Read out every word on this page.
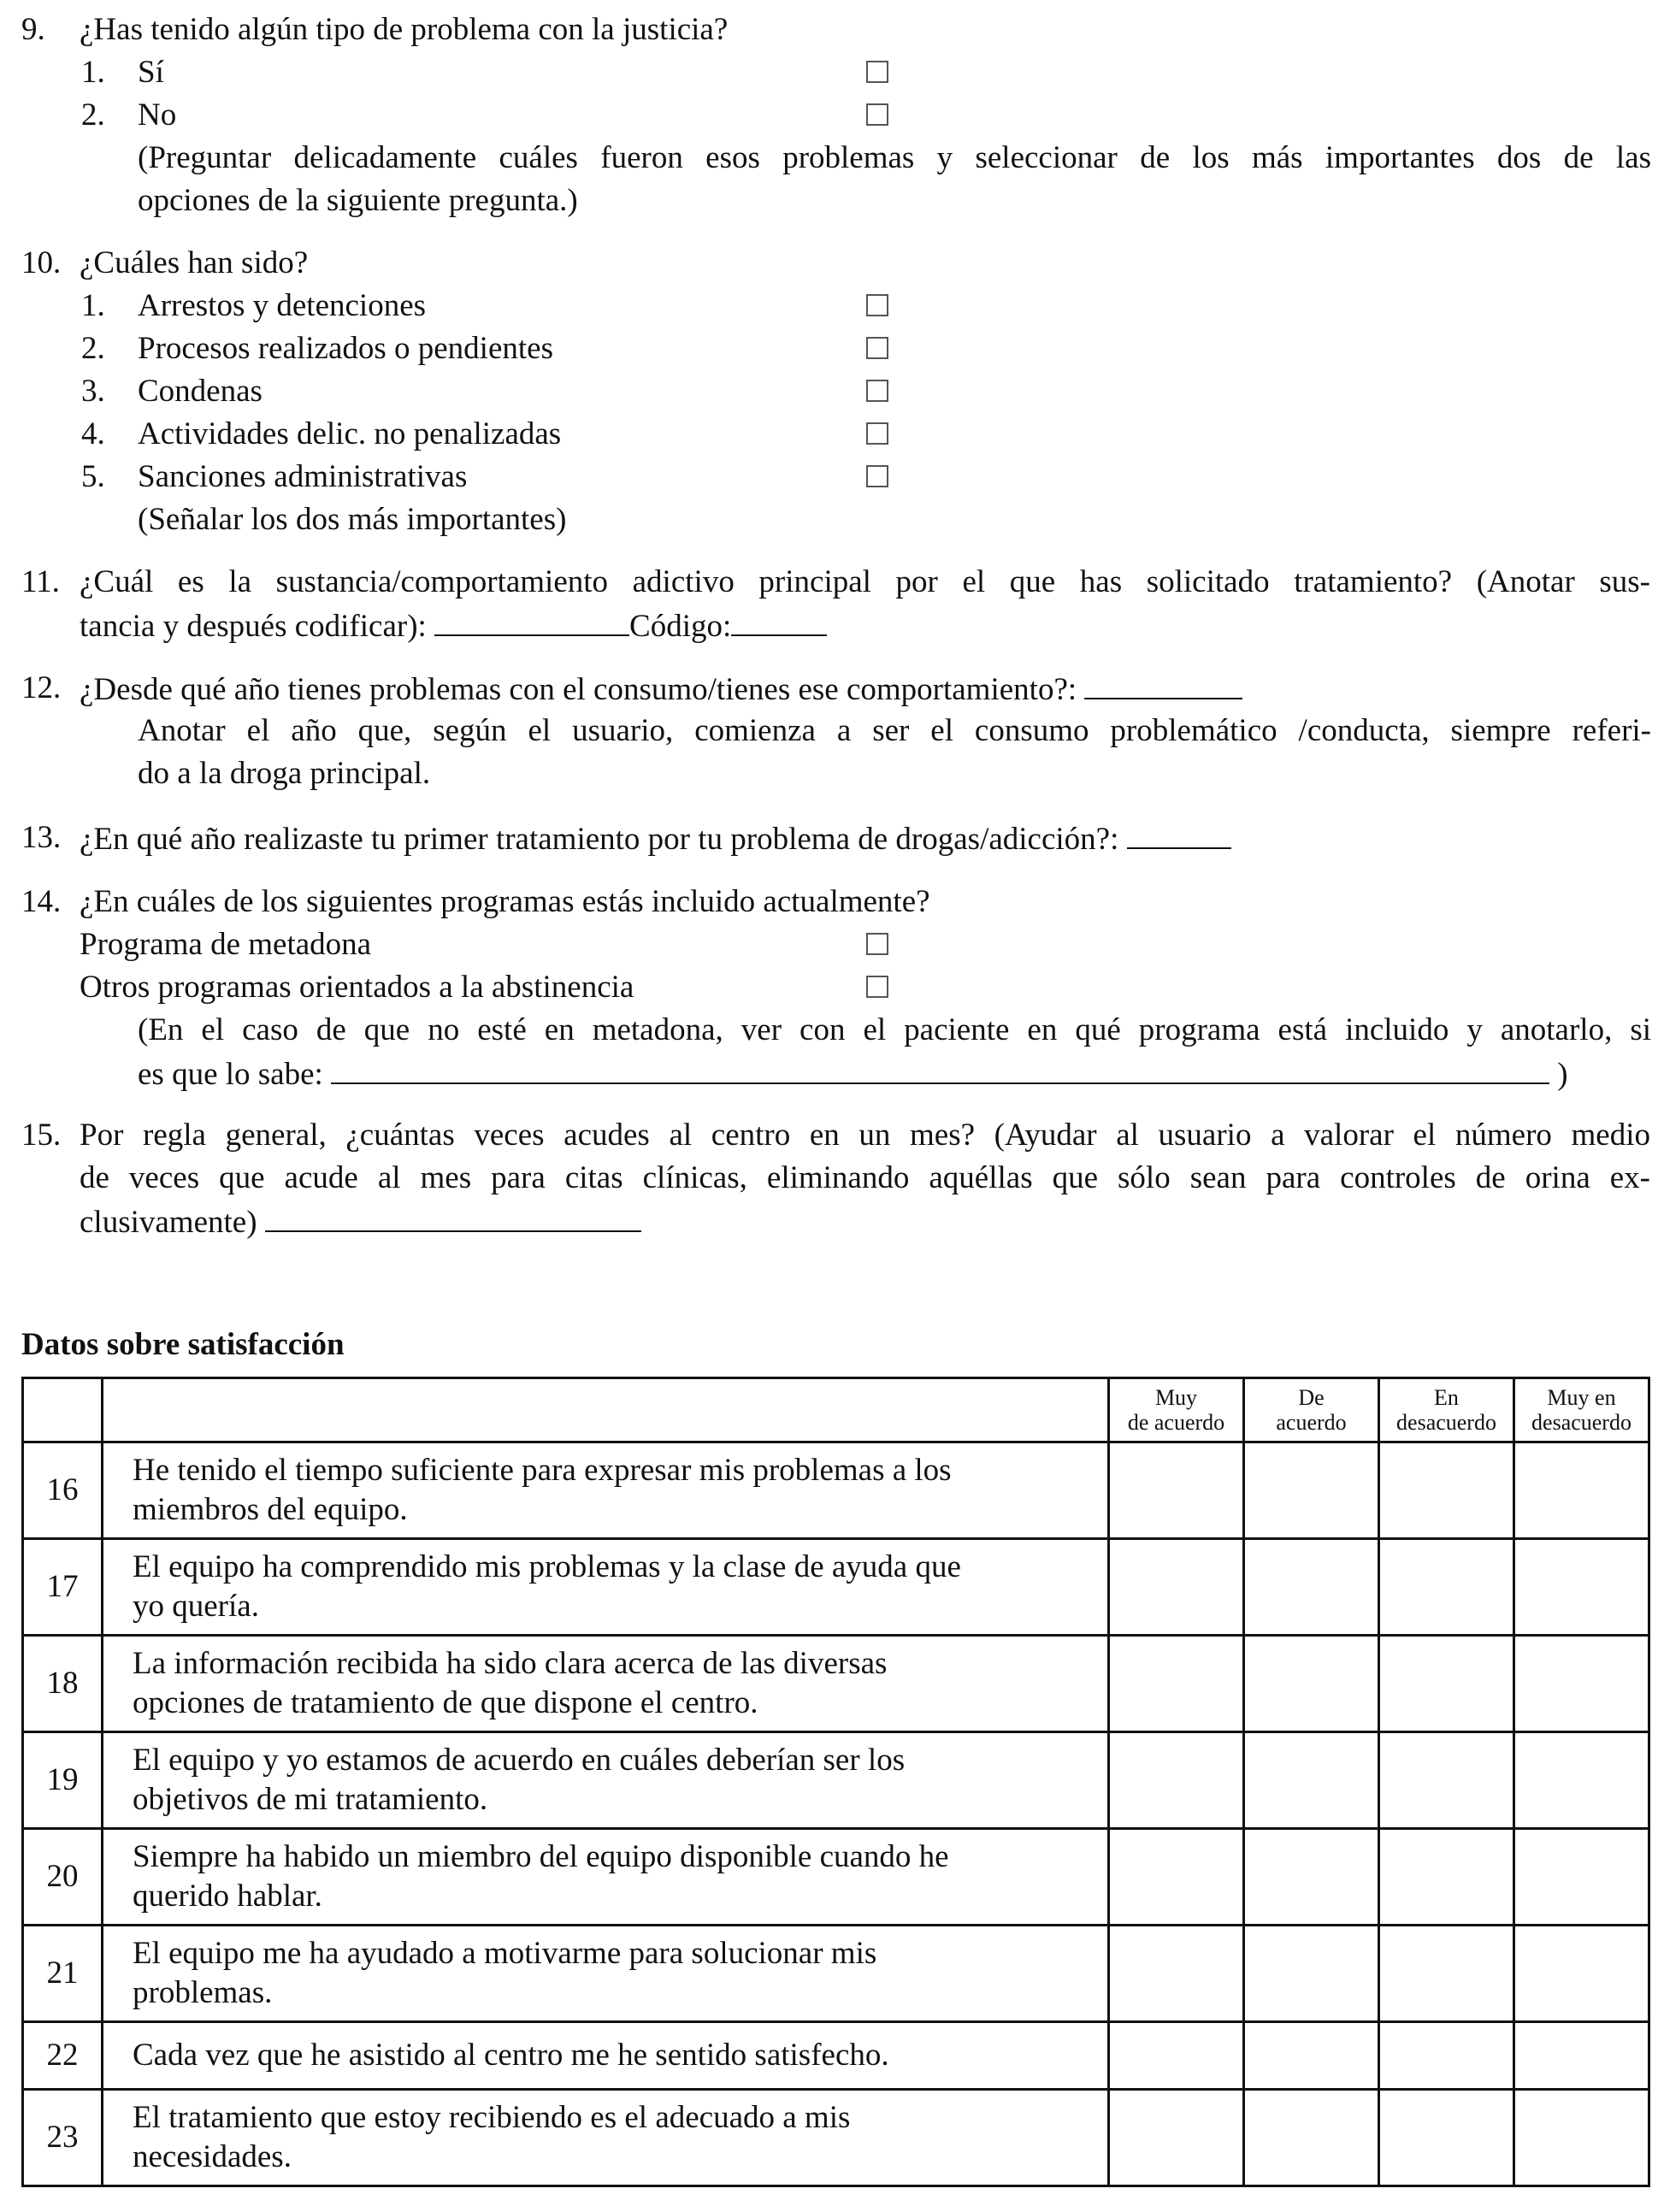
9. ¿Has tenido algún tipo de problema con la justicia?
1. Sí
2. No
(Preguntar delicadamente cuáles fueron esos problemas y seleccionar de los más importantes dos de las
opciones de la siguiente pregunta.)
10. ¿Cuáles han sido?
1. Arrestos y detenciones
2. Procesos realizados o pendientes
3. Condenas
4. Actividades delic. no penalizadas
5. Sanciones administrativas
(Señalar los dos más importantes)
11. ¿Cuál es la sustancia/comportamiento adictivo principal por el que has solicitado tratamiento? (Anotar sus-
tancia y después codificar):	Código:
12. ¿Desde qué año tienes problemas con el consumo/tienes ese comportamiento?:
Anotar el año que, según el usuario, comienza a ser el consumo problemático /conducta, siempre referi-
do a la droga principal.
13. ¿En qué año realizaste tu primer tratamiento por tu problema de drogas/adicción?:
14. ¿En cuáles de los siguientes programas estás incluido actualmente?
Programa de metadona
Otros programas orientados a la abstinencia
(En el caso de que no esté en metadona, ver con el paciente en qué programa está incluido y anotarlo, si
es que lo sabe:	)
15. Por regla general, ¿cuántas veces acudes al centro en un mes? (Ayudar al usuario a valorar el número medio
de veces que acude al mes para citas clínicas, eliminando aquéllas que sólo sean para controles de orina ex-
clusivamente)
Datos sobre satisfacción
		Muy
de acuerdo	De
acuerdo	En
desacuerdo	Muy en
desacuerdo
16	He tenido el tiempo suficiente para expresar mis problemas a los
miembros del equipo.				
17	El equipo ha comprendido mis problemas y la clase de ayuda que
yo quería.				
18	La información recibida ha sido clara acerca de las diversas
opciones de tratamiento de que dispone el centro.				
19	El equipo y yo estamos de acuerdo en cuáles deberían ser los
objetivos de mi tratamiento.				
20	Siempre ha habido un miembro del equipo disponible cuando he
querido hablar.				
21	El equipo me ha ayudado a motivarme para solucionar mis
problemas.				
22	Cada vez que he asistido al centro me he sentido satisfecho.				
23	El tratamiento que estoy recibiendo es el adecuado a mis
necesidades.				
